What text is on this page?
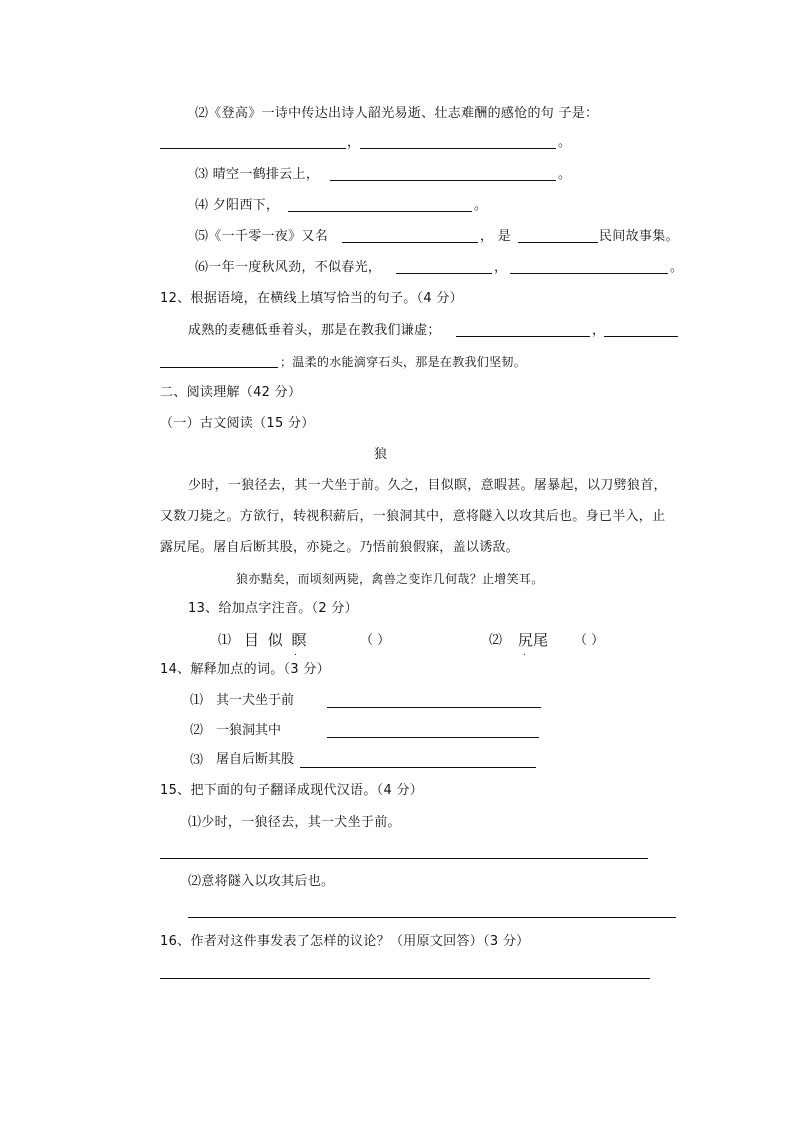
⑵《登高》一诗中传达出诗人韶光易逝、壮志难酬的感怆的句 子是：
，	。
⑶ 晴空一鹤排云上，	。
⑷ 夕阳西下，	。
⑸《一千零一夜》又名	， 是	民间故事集。
⑹一年一度秋风劲，不似春光，	，	。
12、根据语境，在横线上填写恰当的句子。（4 分）
成熟的麦穗低垂着头，那是在教我们谦虚；	，
；温柔的水能滴穿石头，那是在教我们坚韧。
二、阅读理解（42 分）
（一）古文阅读（15 分）
狼
少时，一狼径去，其一犬坐于前。久之，目似瞑，意暇甚。屠暴起，以刀劈狼首，
又数刀毙之。方欲行，转视积薪后，一狼洞其中，意将隧入以攻其后也。身已半入，止
露尻尾。屠自后断其股，亦毙之。乃悟前狼假寐，盖以诱敌。
狼亦黠矣，而顷刻两毙，禽兽之变诈几何哉？止增笑耳。
13、给加点字注音。（2 分）
⑴ 目 似 瞑
.
（ ）	⑵ 尻尾
.
（ ）
14、解释加点的词。（3 分）
⑴ 其一犬坐于前
⑵ 一狼洞其中
⑶ 屠自后断其股
15、把下面的句子翻译成现代汉语。（4 分）
⑴少时，一狼径去，其一犬坐于前。
⑵意将隧入以攻其后也。
16、作者对这件事发表了怎样的议论？（用原文回答）（3 分）
